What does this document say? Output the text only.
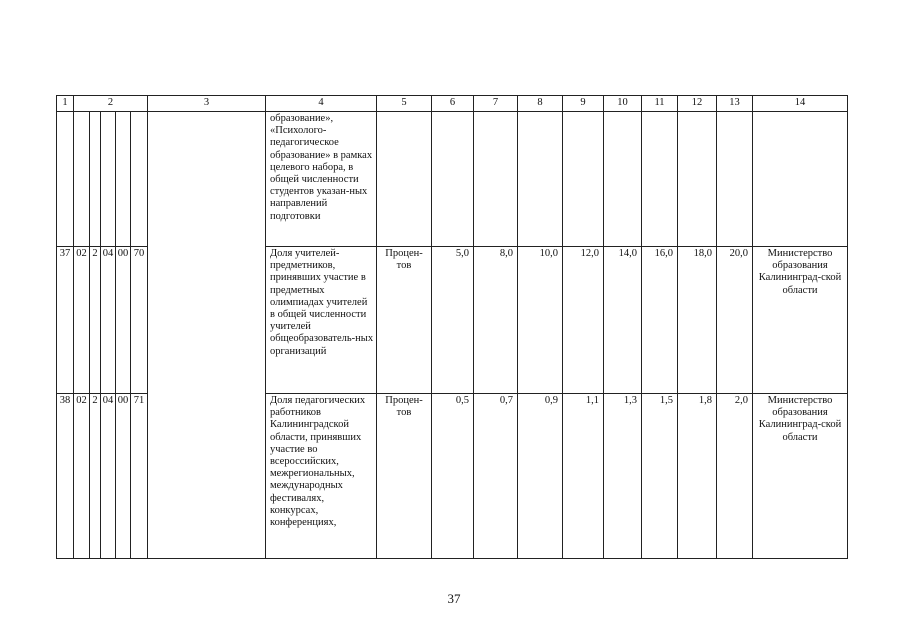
1	2					3	4	5	6	7	8	9	10	11	12	13	14
							образование», «Психолого-педагогическое образование» в рамках целевого набора, в общей численности студентов указан-ных направлений подготовки										
37	02	2	04	00	70		Доля учителей-предметников, принявших участие в предметных олимпиадах учителей в общей численности учителей общеобразователь-ных организаций	Процен-тов	5,0	8,0	10,0	12,0	14,0	16,0	18,0	20,0	Министерство образования Калининград-ской области
38	02	2	04	00	71		Доля педагогических работников Калининградской области, принявших участие во всероссийских, межрегиональных, международных фестивалях, конкурсах, конференциях,	Процен-тов	0,5	0,7	0,9	1,1	1,3	1,5	1,8	2,0	Министерство образования Калининград-ской области
37
